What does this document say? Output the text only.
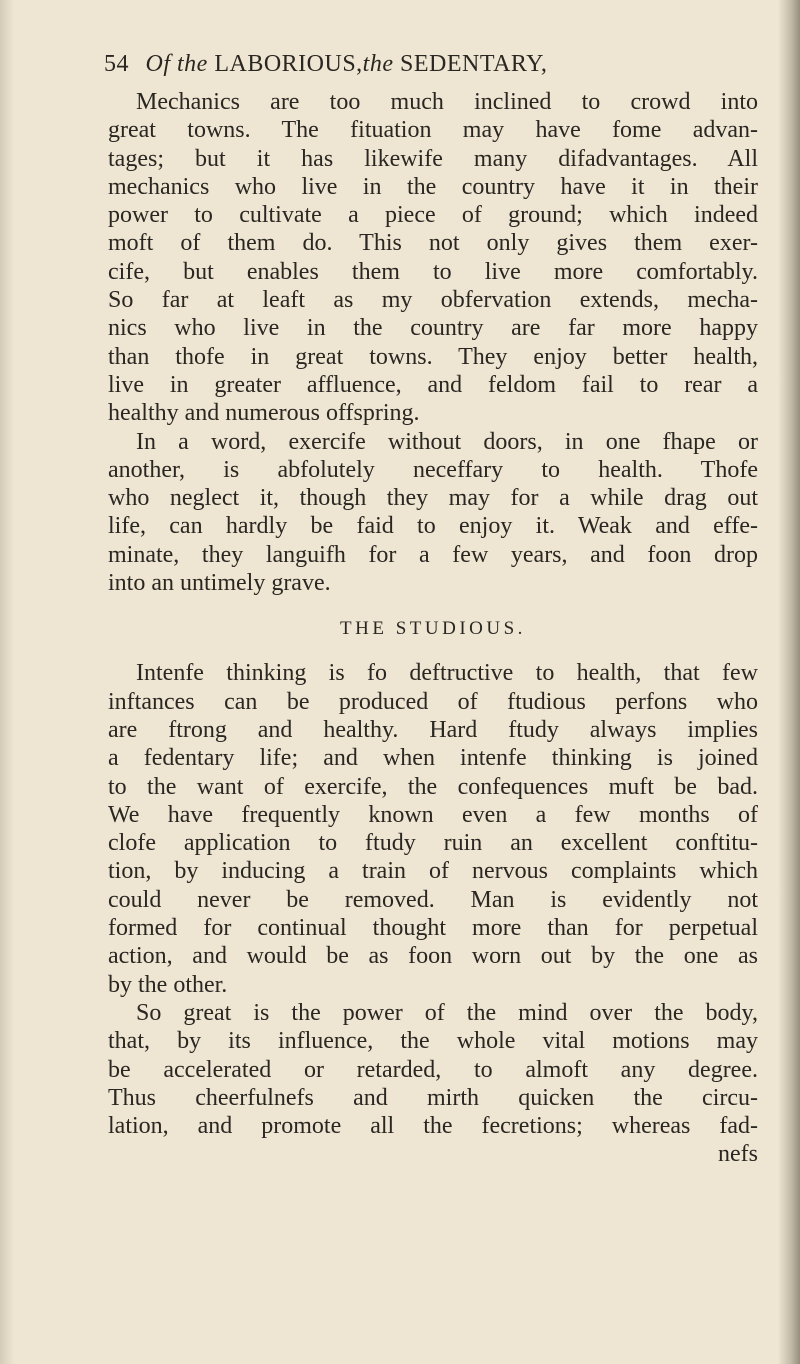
54 Of the LABORIOUS,the SEDENTARY,
Mechanics are too much inclined to crowd into
great towns. The fituation may have fome advan-
tages; but it has likewife many difadvantages. All
mechanics who live in the country have it in their
power to cultivate a piece of ground; which indeed
moft of them do. This not only gives them exer-
cife, but enables them to live more comfortably.
So far at leaft as my obfervation extends, mecha-
nics who live in the country are far more happy
than thofe in great towns. They enjoy better health,
live in greater affluence, and feldom fail to rear a
healthy and numerous offspring.
In a word, exercife without doors, in one fhape or
another, is abfolutely neceffary to health. Thofe
who neglect it, though they may for a while drag out
life, can hardly be faid to enjoy it. Weak and effe-
minate, they languifh for a few years, and foon drop
into an untimely grave.
THE STUDIOUS.
Intenfe thinking is fo deftructive to health, that few
inftances can be produced of ftudious perfons who
are ftrong and healthy. Hard ftudy always implies
a fedentary life; and when intenfe thinking is joined
to the want of exercife, the confequences muft be bad.
We have frequently known even a few months of
clofe application to ftudy ruin an excellent conftitu-
tion, by inducing a train of nervous complaints which
could never be removed. Man is evidently not
formed for continual thought more than for perpetual
action, and would be as foon worn out by the one as
by the other.
So great is the power of the mind over the body,
that, by its influence, the whole vital motions may
be accelerated or retarded, to almoft any degree.
Thus cheerfulnefs and mirth quicken the circu-
lation, and promote all the fecretions; whereas fad-
nefs
